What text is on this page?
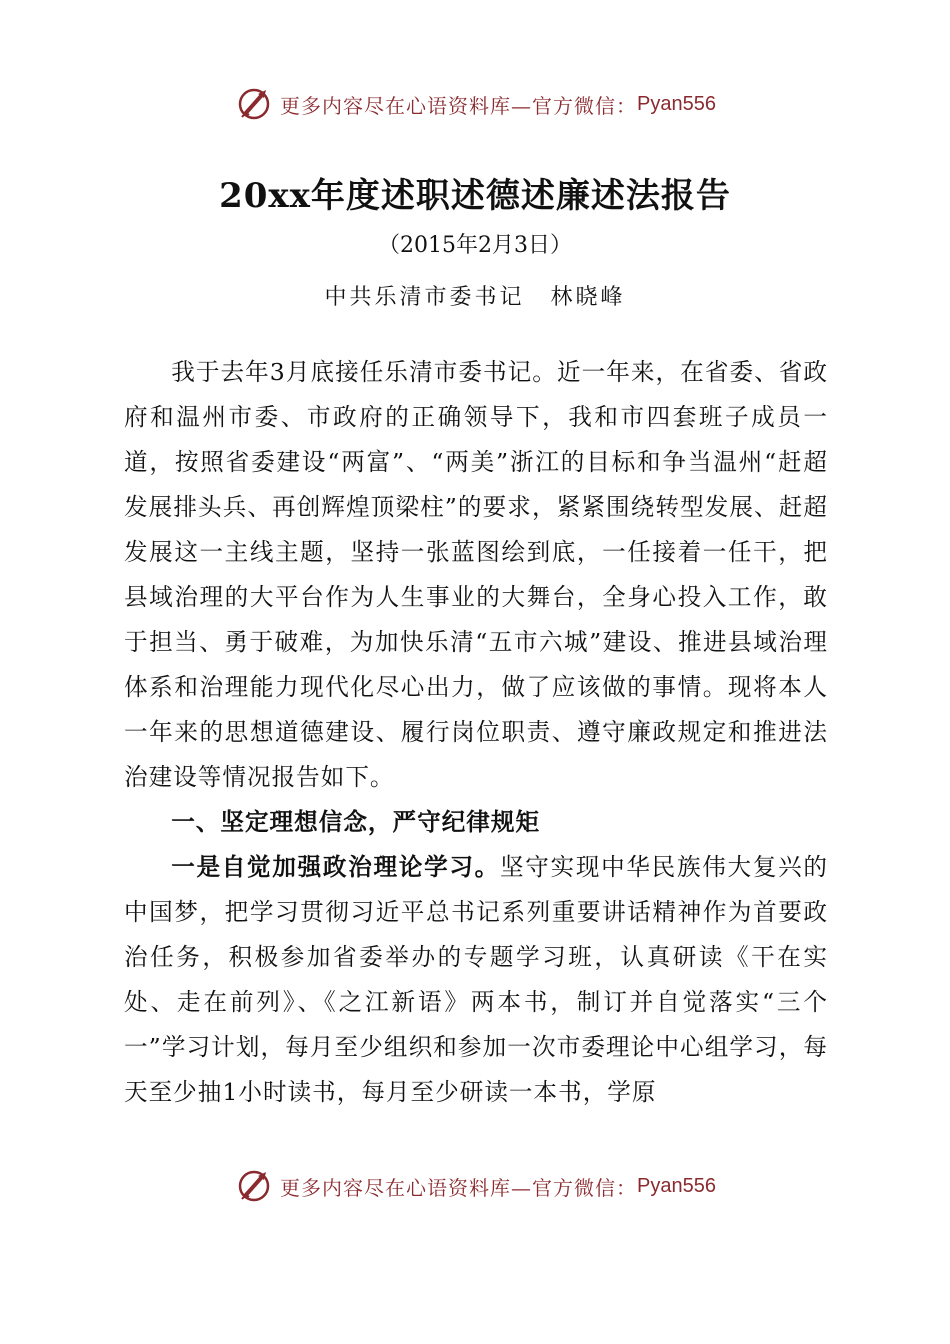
更多内容尽在心语资料库—官方微信： Pyan556
20xx年度述职述德述廉述法报告
（2015年2月3日）
中共乐清市委书记 林晓峰

我于去年3月底接任乐清市委书记。近一年来，在省委、省政府和温州市委、市政府的正确领导下，我和市四套班子成员一道，按照省委建设“两富”、“两美”浙江的目标和争当温州“赶超发展排头兵、再创辉煌顶梁柱”的要求，紧紧围绕转型发展、赶超发展这一主线主题，坚持一张蓝图绘到底，一任接着一任干，把县域治理的大平台作为人生事业的大舞台，全身心投入工作，敢于担当、勇于破难，为加快乐清“五市六城”建设、推进县域治理体系和治理能力现代化尽心出力，做了应该做的事情。现将本人一年来的思想道德建设、履行岗位职责、遵守廉政规定和推进法治建设等情况报告如下。

一、坚定理想信念，严守纪律规矩

一是自觉加强政治理论学习。坚守实现中华民族伟大复兴的中国梦，把学习贯彻习近平总书记系列重要讲话精神作为首要政治任务，积极参加省委举办的专题学习班，认真研读《干在实处、走在前列》、《之江新语》两本书，制订并自觉落实“三个一”学习计划，每月至少组织和参加一次市委理论中心组学习，每天至少抽1小时读书，每月至少研读一本书，学原

更多内容尽在心语资料库—官方微信： Pyan556
